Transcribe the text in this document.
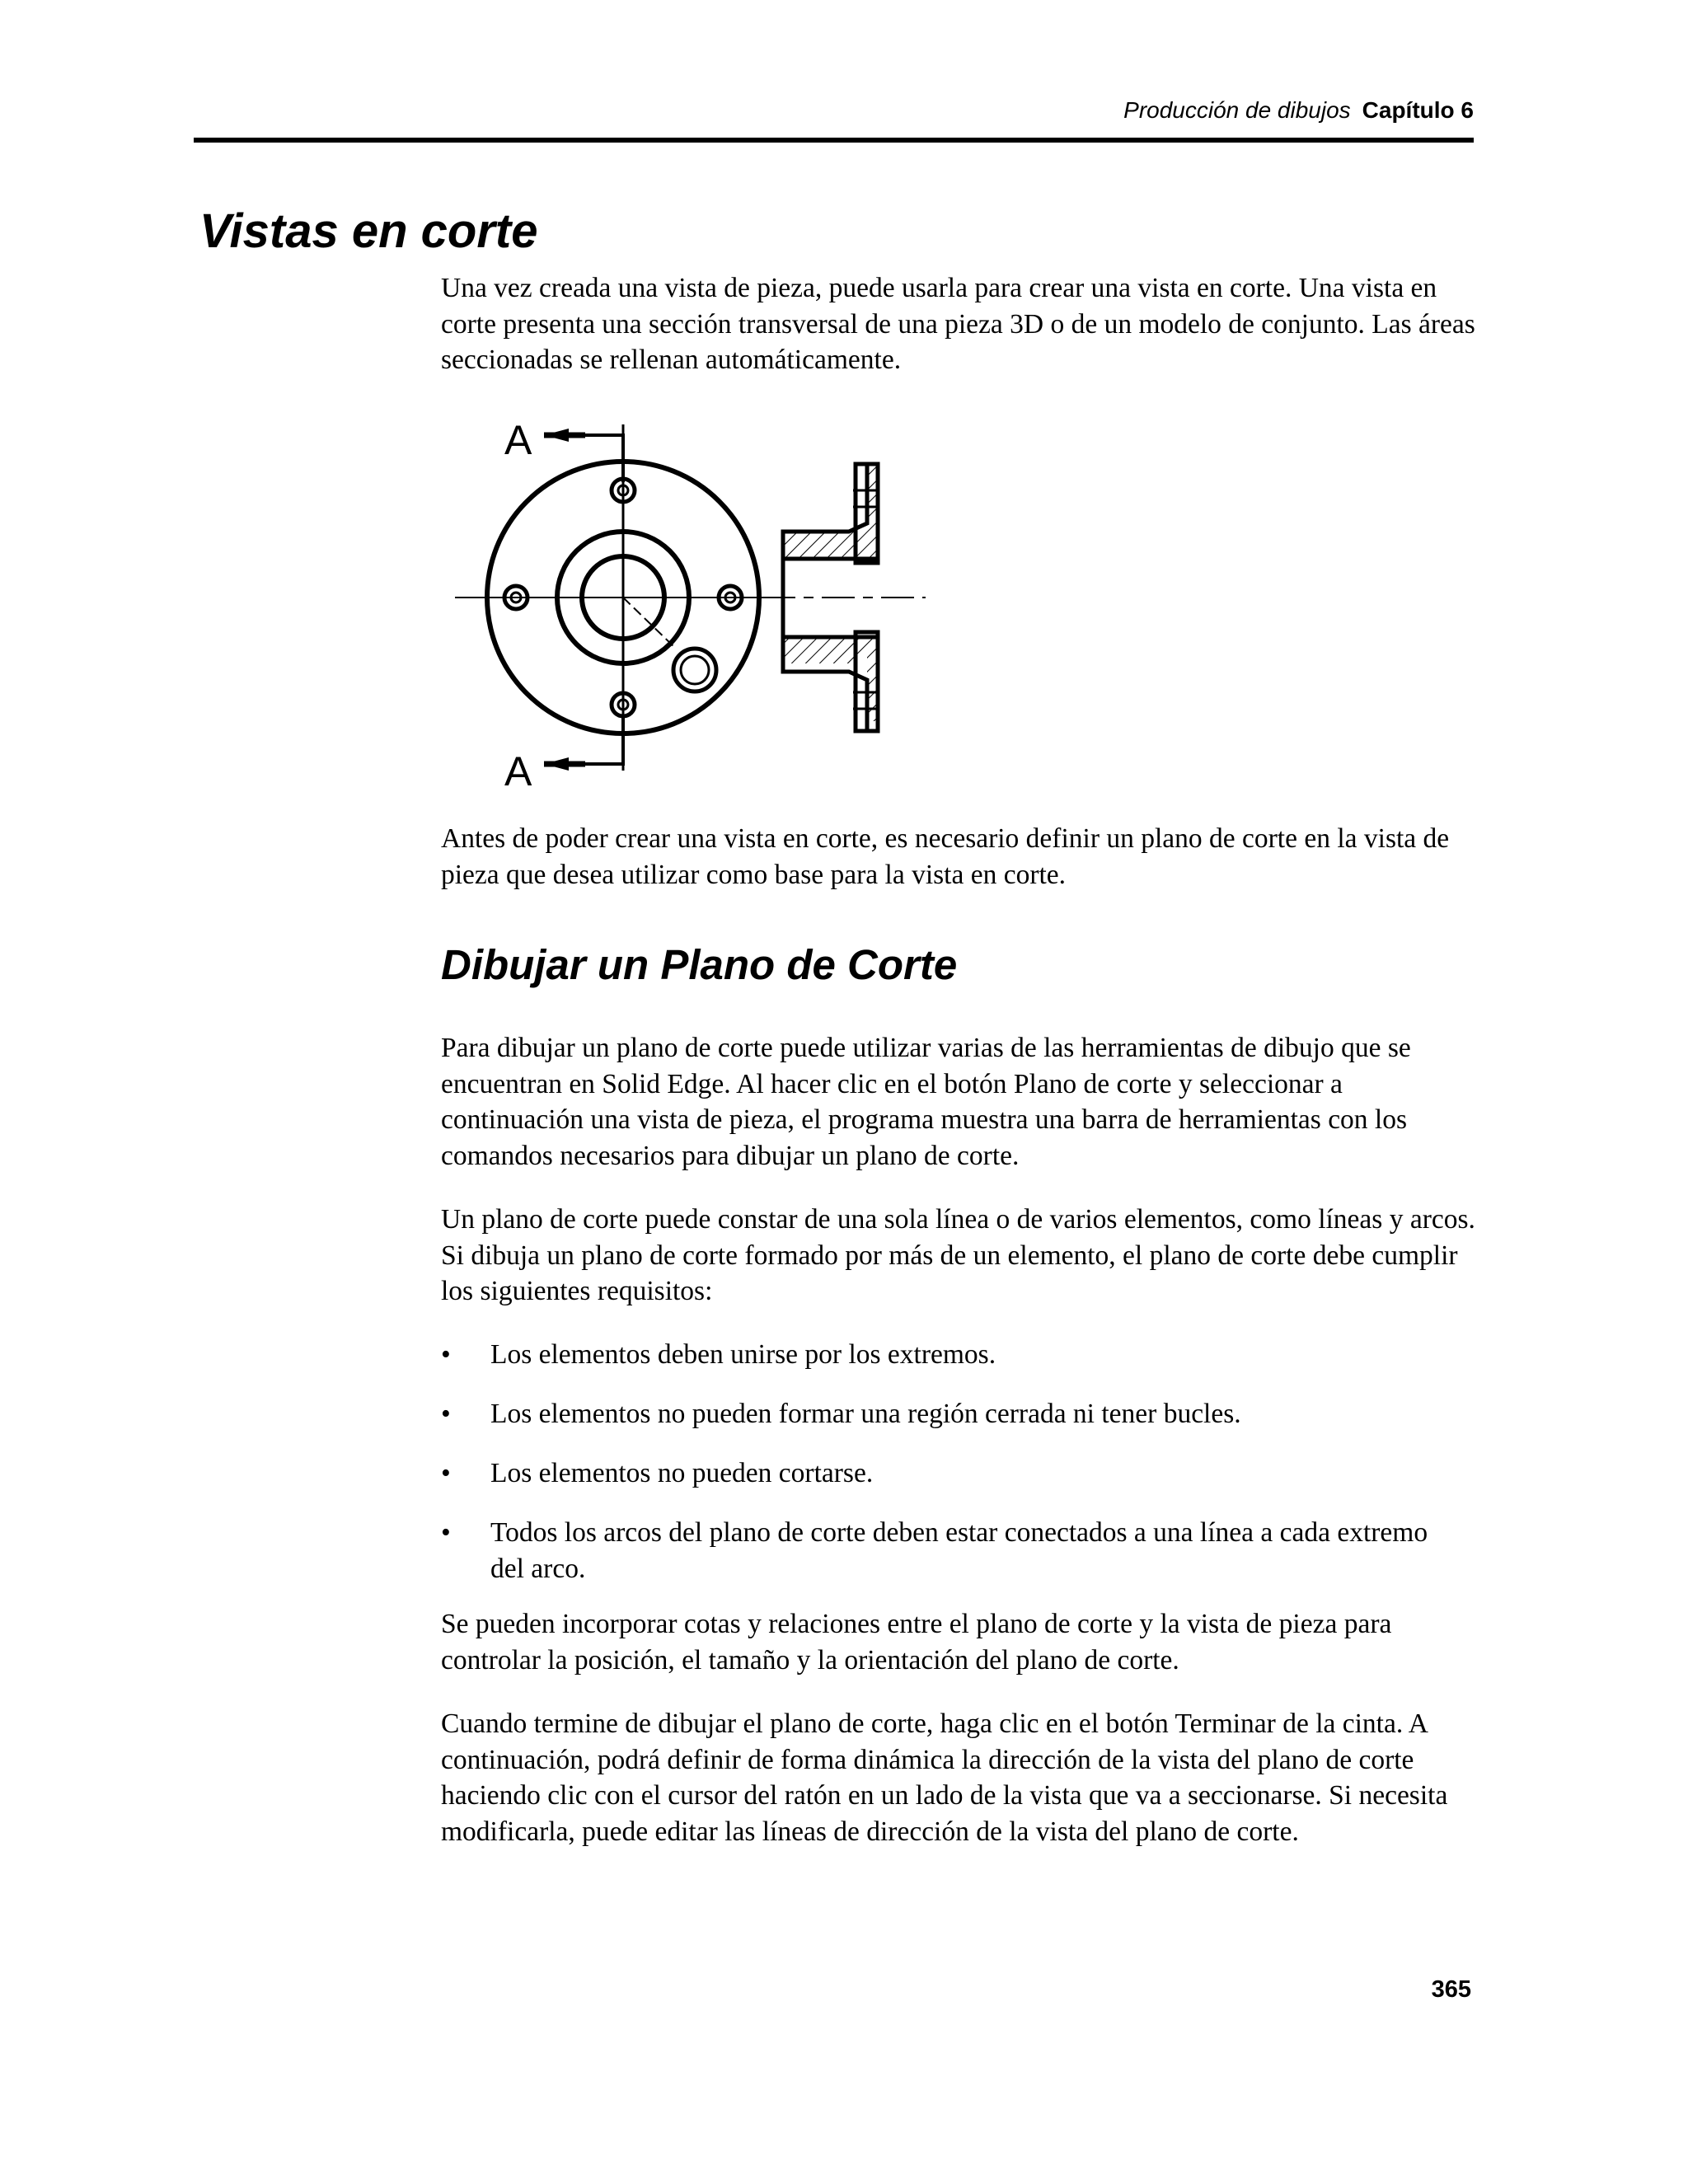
Producción de dibujos Capítulo 6
Vistas en corte

Una vez creada una vista de pieza, puede usarla para crear una vista en corte. Una vista en corte presenta una sección transversal de una pieza 3D o de un modelo de conjunto. Las áreas seccionadas se rellenan automáticamente.

A
A

Antes de poder crear una vista en corte, es necesario definir un plano de corte en la vista de pieza que desea utilizar como base para la vista en corte.

Dibujar un Plano de Corte

Para dibujar un plano de corte puede utilizar varias de las herramientas de dibujo que se encuentran en Solid Edge. Al hacer clic en el botón Plano de corte y seleccionar a continuación una vista de pieza, el programa muestra una barra de herramientas con los comandos necesarios para dibujar un plano de corte.

Un plano de corte puede constar de una sola línea o de varios elementos, como líneas y arcos. Si dibuja un plano de corte formado por más de un elemento, el plano de corte debe cumplir los siguientes requisitos:

• Los elementos deben unirse por los extremos.
• Los elementos no pueden formar una región cerrada ni tener bucles.
• Los elementos no pueden cortarse.
• Todos los arcos del plano de corte deben estar conectados a una línea a cada extremo del arco.

Se pueden incorporar cotas y relaciones entre el plano de corte y la vista de pieza para controlar la posición, el tamaño y la orientación del plano de corte.

Cuando termine de dibujar el plano de corte, haga clic en el botón Terminar de la cinta. A continuación, podrá definir de forma dinámica la dirección de la vista del plano de corte haciendo clic con el cursor del ratón en un lado de la vista que va a seccionarse. Si necesita modificarla, puede editar las líneas de dirección de la vista del plano de corte.

365
